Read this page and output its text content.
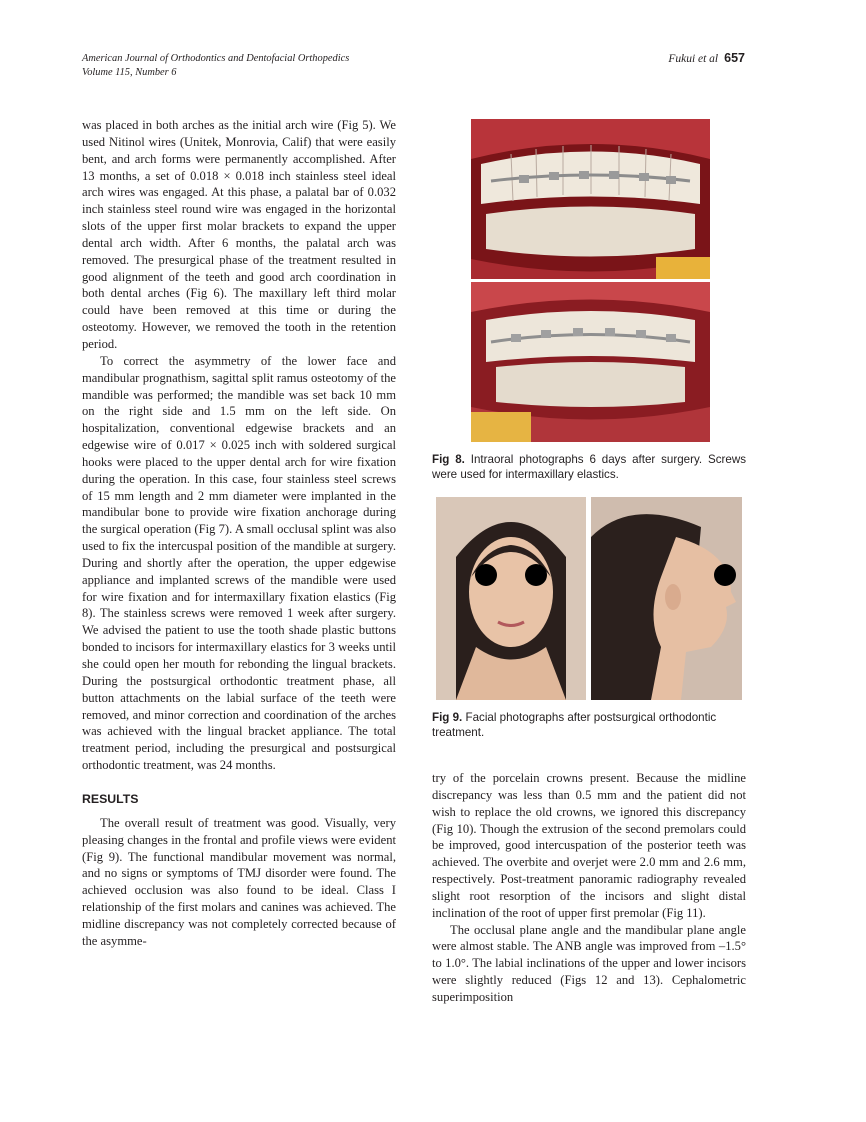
American Journal of Orthodontics and Dentofacial Orthopedics
Volume 115, Number 6
Fukui et al 657

was placed in both arches as the initial arch wire (Fig 5). We used Nitinol wires (Unitek, Monrovia, Calif) that were easily bent, and arch forms were permanently accomplished. After 13 months, a set of 0.018 × 0.018 inch stainless steel ideal arch wires was engaged. At this phase, a palatal bar of 0.032 inch stainless steel round wire was engaged in the horizontal slots of the upper first molar brackets to expand the upper dental arch width. After 6 months, the palatal arch was removed. The presurgical phase of the treatment resulted in good alignment of the teeth and good arch coordination in both dental arches (Fig 6). The maxillary left third molar could have been removed at this time or during the osteotomy. However, we removed the tooth in the retention period.

To correct the asymmetry of the lower face and mandibular prognathism, sagittal split ramus osteotomy of the mandible was performed; the mandible was set back 10 mm on the right side and 1.5 mm on the left side. On hospitalization, conventional edgewise brackets and an edgewise wire of 0.017 × 0.025 inch with soldered surgical hooks were placed to the upper dental arch for wire fixation during the operation. In this case, four stainless steel screws of 15 mm length and 2 mm diameter were implanted in the mandibular bone to provide wire fixation anchorage during the surgical operation (Fig 7). A small occlusal splint was also used to fix the intercuspal position of the mandible at surgery. During and shortly after the operation, the upper edgewise appliance and implanted screws of the mandible were used for wire fixation and for intermaxillary fixation elastics (Fig 8). The stainless screws were removed 1 week after surgery. We advised the patient to use the tooth shade plastic buttons bonded to incisors for intermaxillary elastics for 3 weeks until she could open her mouth for rebonding the lingual brackets. During the postsurgical orthodontic treatment phase, all button attachments on the labial surface of the teeth were removed, and minor correction and coordination of the arches was achieved with the lingual bracket appliance. The total treatment period, including the presurgical and postsurgical orthodontic treatment, was 24 months.

RESULTS

The overall result of treatment was good. Visually, very pleasing changes in the frontal and profile views were evident (Fig 9). The functional mandibular movement was normal, and no signs or symptoms of TMJ disorder were found. The achieved occlusion was also found to be ideal. Class I relationship of the first molars and canines was achieved. The midline discrepancy was not completely corrected because of the asymme-

Fig 8. Intraoral photographs 6 days after surgery. Screws were used for intermaxillary elastics.
Fig 9. Facial photographs after postsurgical orthodontic treatment.

try of the porcelain crowns present. Because the midline discrepancy was less than 0.5 mm and the patient did not wish to replace the old crowns, we ignored this discrepancy (Fig 10). Though the extrusion of the second premolars could be improved, good intercuspation of the posterior teeth was achieved. The overbite and overjet were 2.0 mm and 2.6 mm, respectively. Post-treatment panoramic radiography revealed slight root resorption of the incisors and slight distal inclination of the root of upper first premolar (Fig 11).

The occlusal plane angle and the mandibular plane angle were almost stable. The ANB angle was improved from –1.5° to 1.0°. The labial inclinations of the upper and lower incisors were slightly reduced (Figs 12 and 13). Cephalometric superimposition
